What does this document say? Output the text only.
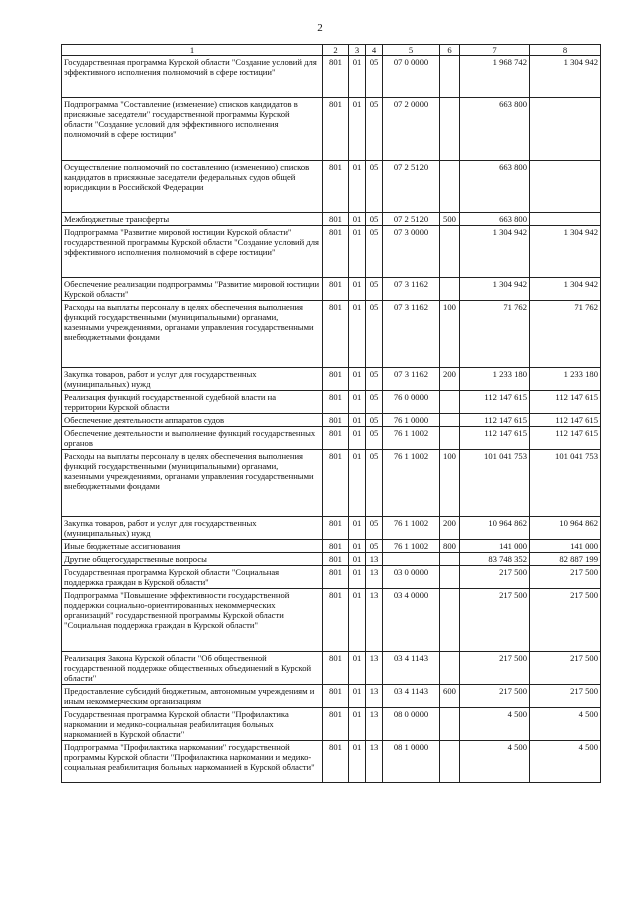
2
1	2	3	4	5	6	7	8
Государственная программа Курской области "Создание условий для эффективного исполнения полномочий в сфере юстиции"	801	01	05	07 0 0000		1 968 742	1 304 942
Подпрограмма "Составление (изменение) списков кандидатов в присяжные заседатели" государственной программы Курской области "Создание условий для эффективного исполнения полномочий в сфере юстиции"	801	01	05	07 2 0000		663 800	
Осуществление полномочий по составлению (изменению) списков кандидатов в присяжные заседатели федеральных судов общей юрисдикции в Российской Федерации	801	01	05	07 2 5120		663 800	
Межбюджетные трансферты	801	01	05	07 2 5120	500	663 800	
Подпрограмма "Развитие мировой юстиции Курской области" государственной программы Курской области "Создание условий для эффективного исполнения полномочий в сфере юстиции"	801	01	05	07 3 0000		1 304 942	1 304 942
Обеспечение реализации подпрограммы "Развитие мировой юстиции Курской области"	801	01	05	07 3 1162		1 304 942	1 304 942
Расходы на выплаты персоналу в целях обеспечения выполнения функций государственными (муниципальными) органами, казенными учреждениями, органами управления государственными внебюджетными фондами	801	01	05	07 3 1162	100	71 762	71 762
Закупка товаров, работ и услуг для государственных (муниципальных) нужд	801	01	05	07 3 1162	200	1 233 180	1 233 180
Реализация функций государственной судебной власти на территории Курской области	801	01	05	76 0 0000		112 147 615	112 147 615
Обеспечение деятельности аппаратов судов	801	01	05	76 1 0000		112 147 615	112 147 615
Обеспечение деятельности и выполнение функций государственных органов	801	01	05	76 1 1002		112 147 615	112 147 615
Расходы на выплаты персоналу в целях обеспечения выполнения функций государственными (муниципальными) органами, казенными учреждениями, органами управления государственными внебюджетными фондами	801	01	05	76 1 1002	100	101 041 753	101 041 753
Закупка товаров, работ и услуг для государственных (муниципальных) нужд	801	01	05	76 1 1002	200	10 964 862	10 964 862
Иные бюджетные ассигнования	801	01	05	76 1 1002	800	141 000	141 000
Другие общегосударственные вопросы	801	01	13			83 748 352	82 887 199
Государственная программа Курской области "Социальная поддержка граждан в Курской области"	801	01	13	03 0 0000		217 500	217 500
Подпрограмма "Повышение эффективности государственной поддержки социально-ориентированных некоммерческих организаций" государственной программы Курской области "Социальная поддержка граждан в Курской области"	801	01	13	03 4 0000		217 500	217 500
Реализация Закона Курской области "Об общественной государственной поддержке общественных объединений в Курской области"	801	01	13	03 4 1143		217 500	217 500
Предоставление субсидий бюджетным, автономным учреждениям и иным некоммерческим организациям	801	01	13	03 4 1143	600	217 500	217 500
Государственная программа Курской области "Профилактика наркомании и медико-социальная реабилитация больных наркоманией в Курской области"	801	01	13	08 0 0000		4 500	4 500
Подпрограмма "Профилактика наркомании" государственной программы Курской области "Профилактика наркомании и медико-социальная реабилитация больных наркоманией в Курской области"	801	01	13	08 1 0000		4 500	4 500
